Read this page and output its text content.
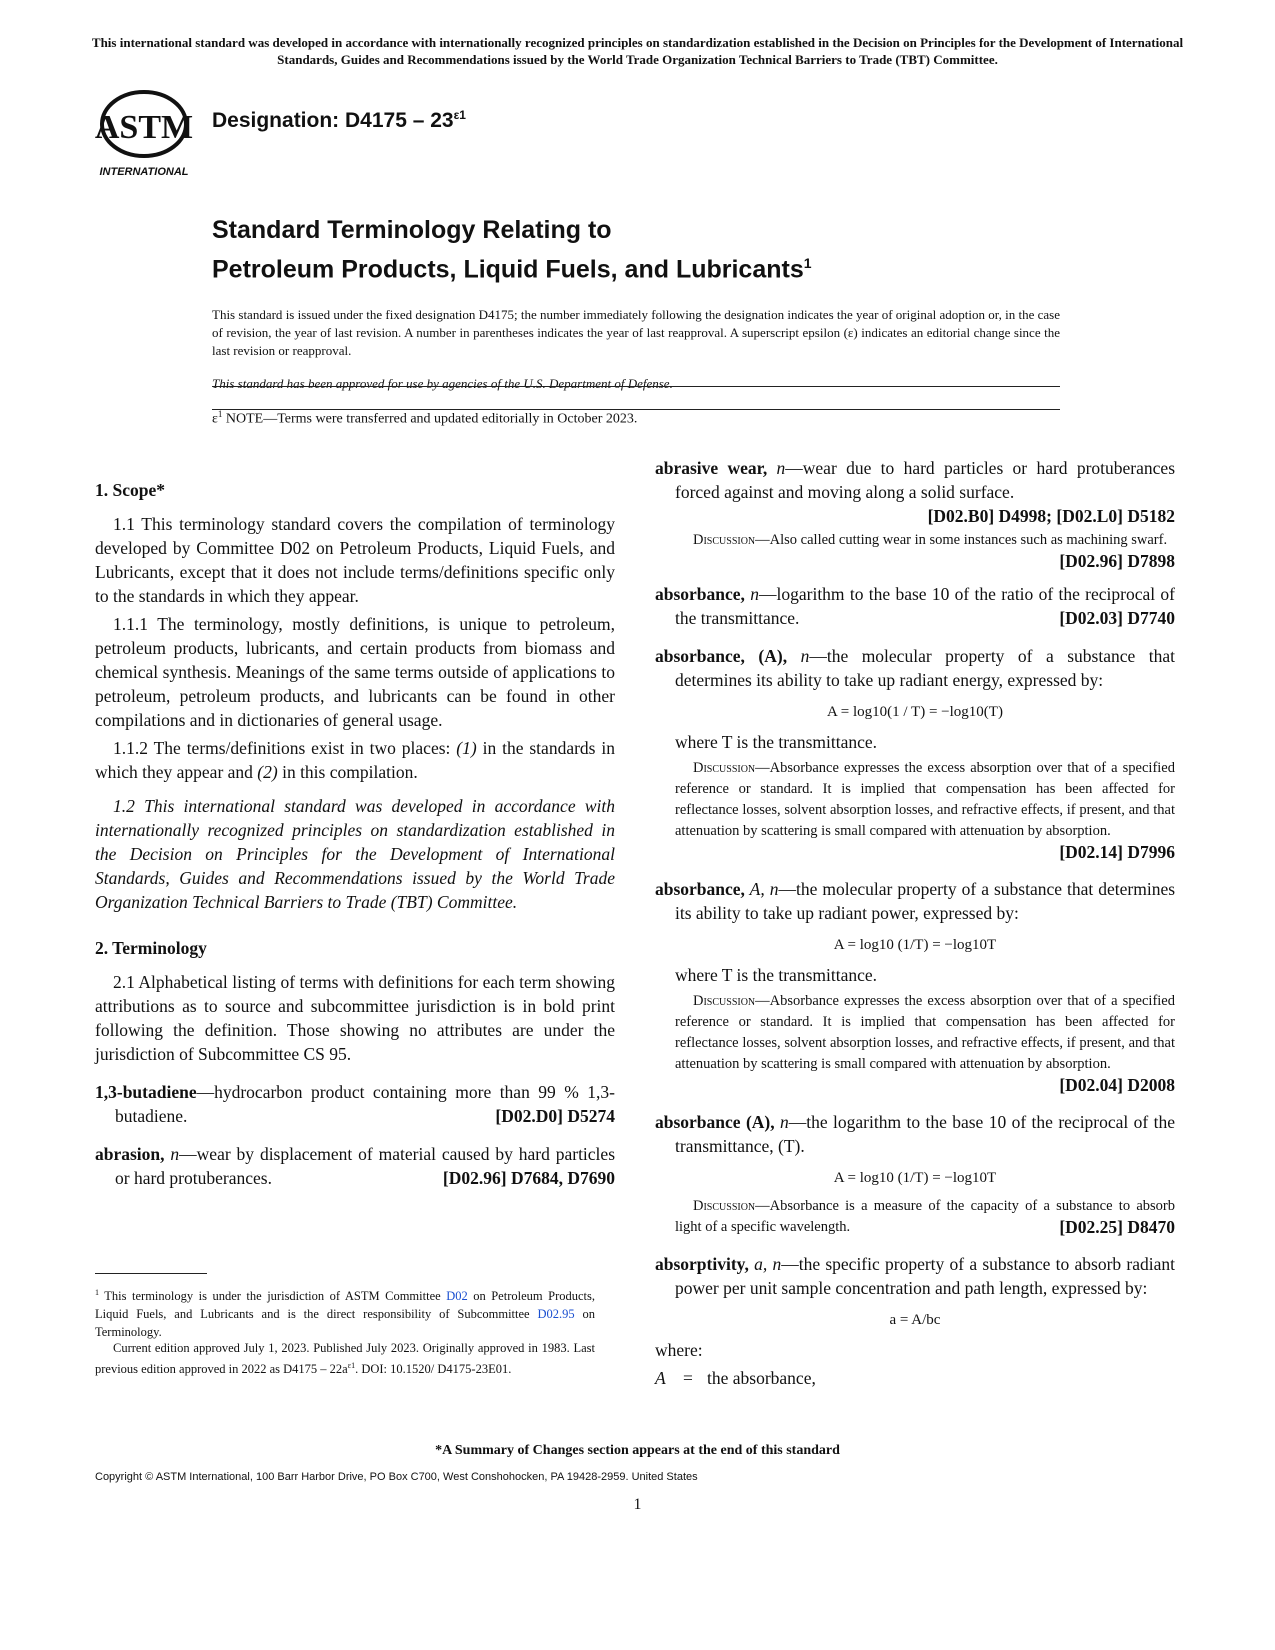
This international standard was developed in accordance with internationally recognized principles on standardization established in the Decision on Principles for the Development of International Standards, Guides and Recommendations issued by the World Trade Organization Technical Barriers to Trade (TBT) Committee.
ASTM
INTERNATIONAL
Designation: $D4175 - 23^{\varepsilon 1}$
Standard Terminology Relating to
Petroleum Products, Liquid Fuels, and Lubricants$^1$
This standard is issued under the fixed designation D4175; the number immediately following the designation indicates the year of original adoption or, in the case of revision, the year of last revision. A number in parentheses indicates the year of last reapproval. A superscript epsilon (ε) indicates an editorial change since the last revision or reapproval.
This standard has been approved for use by agencies of the U.S. Department of Defense.
$\varepsilon^1$ NOTE—Terms were transferred and updated editorially in October 2023.
1. Scope*

1.1 This terminology standard covers the compilation of terminology developed by Committee D02 on Petroleum Products, Liquid Fuels, and Lubricants, except that it does not include terms/definitions specific only to the standards in which they appear.

1.1.1 The terminology, mostly definitions, is unique to petroleum, petroleum products, lubricants, and certain products from biomass and chemical synthesis. Meanings of the same terms outside of applications to petroleum, petroleum products, and lubricants can be found in other compilations and in dictionaries of general usage.

1.1.2 The terms/definitions exist in two places: (1) in the standards in which they appear and (2) in this compilation.

1.2 This international standard was developed in accordance with internationally recognized principles on standardization established in the Decision on Principles for the Development of International Standards, Guides and Recommendations issued by the World Trade Organization Technical Barriers to Trade (TBT) Committee.

2. Terminology

2.1 Alphabetical listing of terms with definitions for each term showing attributions as to source and subcommittee jurisdiction is in bold print following the definition. Those showing no attributes are under the jurisdiction of Subcommittee CS 95.

1,3-butadiene—hydrocarbon product containing more than 99 % 1,3-butadiene.	[D02.D0] D5274

abrasion, n—wear by displacement of material caused by hard particles or hard protuberances.	[D02.96] D7684, D7690

abrasive wear, n—wear due to hard particles or hard protuberances forced against and moving along a solid surface.

[D02.B0] D4998; [D02.L0] D5182

Discussion—Also called cutting wear in some instances such as machining swarf.
[D02.96] D7898

absorbance, n—logarithm to the base 10 of the ratio of the reciprocal of the transmittance.	[D02.03] D7740

absorbance, (A), n—the molecular property of a substance that determines its ability to take up radiant energy, expressed by:

A = log10(1 / T) = −log10(T)
where T is the transmittance.

Discussion—Absorbance expresses the excess absorption over that of a specified reference or standard. It is implied that compensation has been affected for reflectance losses, solvent absorption losses, and refractive effects, if present, and that attenuation by scattering is small compared with attenuation by absorption.
[D02.14] D7996

absorbance, A, n—the molecular property of a substance that determines its ability to take up radiant power, expressed by:

A = log10 (1/T) = −log10T
where T is the transmittance.

Discussion—Absorbance expresses the excess absorption over that of a specified reference or standard. It is implied that compensation has been affected for reflectance losses, solvent absorption losses, and refractive effects, if present, and that attenuation by scattering is small compared with attenuation by absorption.
[D02.04] D2008

absorbance (A), n—the logarithm to the base 10 of the reciprocal of the transmittance, (T).

A = log10 (1/T) = −log10T

Discussion—Absorbance is a measure of the capacity of a substance to absorb light of a specific wavelength.	[D02.25] D8470

absorptivity, a, n—the specific property of a substance to absorb radiant power per unit sample concentration and path length, expressed by:

a = A/bc
where:
A = the absorbance,
$^1$ This terminology is under the jurisdiction of ASTM Committee D02 on Petroleum Products, Liquid Fuels, and Lubricants and is the direct responsibility of Subcommittee D02.95 on Terminology.
Current edition approved July 1, 2023. Published July 2023. Originally approved in 1983. Last previous edition approved in 2022 as $D4175 - 22a^{\varepsilon 1}$. DOI: 10.1520/ D4175-23E01.
*A Summary of Changes section appears at the end of this standard
Copyright © ASTM International, 100 Barr Harbor Drive, PO Box C700, West Conshohocken, PA 19428-2959. United States
1
